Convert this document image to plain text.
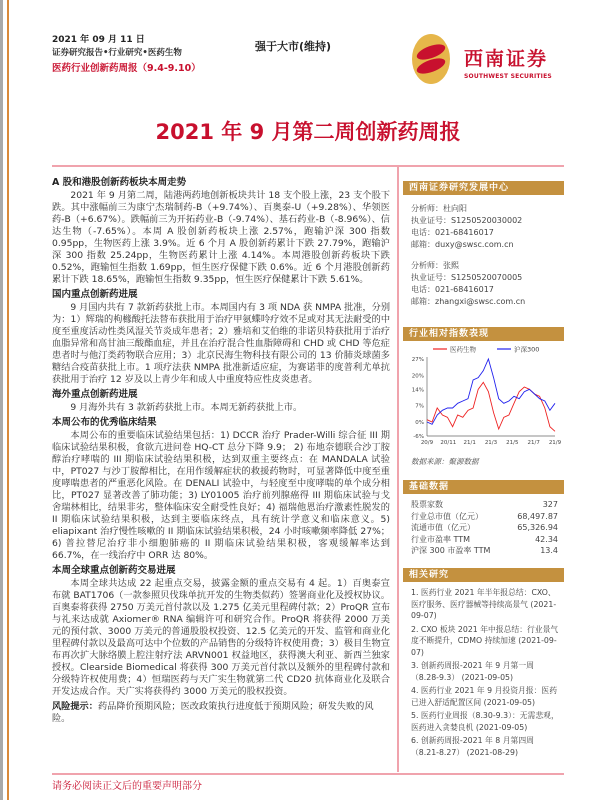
2021 年 09 月 11 日
证券研究报告•行业研究•医药生物
医药行业创新药周报（9.4-9.10）
强于大市(维持)
西南证券
SOUTHWEST SECURITIES
2021 年 9 月第二周创新药周报
A 股和港股创新药板块本周走势

2021 年 9 月第二周，陆港两药地创新板块共计 18 支个股上涨，23 支个股下跌。其中涨幅前三为康宁杰瑞制药-B（+9.74%）、百奥泰-U（+9.28%）、华领医药-B（+6.67%）。跌幅前三为开拓药业-B（-9.74%）、基石药业-B（-8.96%）、信达生物（-7.65%）。本周 A 股创新药板块上涨 2.57%，跑输沪深 300 指数 0.95pp，生物医药上涨 3.9%。近 6 个月 A 股创新药累计下跌 27.79%，跑输沪深 300 指数 25.24pp，生物医药累计上涨 4.14%。本周港股创新药板块下跌 0.52%，跑输恒生指数 1.69pp，恒生医疗保健下跌 0.6%。近 6 个月港股创新药累计下跌 18.65%，跑输恒生指数 9.35pp，恒生医疗保健累计下跌 5.61%。

国内重点创新药进展

9 月国内共有 7 款新药获批上市。本周国内有 3 项 NDA 获 NMPA 批准，分别为：1）辉瑞的枸橼酸托法替布获批用于治疗甲氨蝶呤疗效不足或对其无法耐受的中度至重度活动性类风湿关节炎成年患者；2）雅培和艾伯维的非诺贝特获批用于治疗血脂异常和高甘油三酸酯血症，并且在治疗混合性血脂障碍和 CHD 或 CHD 等危症患者时与他汀类药物联合应用；3）北京民海生物科技有限公司的 13 价肺炎球菌多糖结合疫苗获批上市。1 项疗法获 NMPA 批准新适应症，为赛诺菲的度普利尤单抗获批用于治疗 12 岁及以上青少年和成人中重度特应性皮炎患者。

海外重点创新药进展

9 月海外共有 3 款新药获批上市。本周无新药获批上市。

本周公布的优秀临床结果

本周公布的重要临床试验结果包括：1) DCCR 治疗 Prader-Willi 综合征 III 期临床试验结果积极，食欲亢进问卷 HQ-CT 总分下降 9.9； 2) 布地奈德联合沙丁胺醇治疗哮喘的 III 期临床试验结果积极，达到双重主要终点：在 MANDALA 试验中，PT027 与沙丁胺醇相比，在用作缓解症状的救援药物时，可显著降低中度至重度哮喘患者的严重恶化风险。在 DENALI 试验中，与轻度至中度哮喘的单个成分相比，PT027 显著改善了肺功能；3) LY01005 治疗前列腺癌得 III 期临床试验与戈舍瑞林相比，结果非劣，整体临床安全耐受性良好；4) 福瑞他恩治疗激素性脱发的 II 期临床试验结果积极，达到主要临床终点，具有统计学意义和临床意义。5) eliapixant 治疗慢性咳嗽的 II 期临床试验结果积极，24 小时咳嗽频率降低 27%；6) 普拉替尼治疗非小细胞肺癌的 II 期临床试验结果积极，客观缓解率达到 66.7%，在一线治疗中 ORR 达 80%。

本周全球重点创新药交易进展

本周全球共达成 22 起重点交易，披露金额的重点交易有 4 起。1）百奥泰宣布就 BAT1706（一款参照贝伐珠单抗开发的生物类似药）签署商业化及授权协议。百奥泰将获得 2750 万美元首付款以及 1.275 亿美元里程碑付款；2）ProQR 宣布与礼来达成就 Axiomer® RNA 编辑许可和研究合作。ProQR 将获得 2000 万美元的预付款、3000 万美元的普通股股权投资、12.5 亿美元的开发、监管和商业化里程碑付款以及最高可达中个位数的产品销售的分级特许权使用费；3）极目生物宣布再次扩大脉络膜上腔注射疗法 ARVN001 权益地区，获得澳大利亚、新西兰独家授权。Clearside Biomedical 将获得 300 万美元首付款以及额外的里程碑付款和分级特许权使用费；4）恒瑞医药与天广实生物就第二代 CD20 抗体商业化及联合开发达成合作。天广实将获得约 3000 万美元的股权投资。

风险提示：药品降价预期风险；医改政策执行进度低于预期风险；研发失败的风险。
请务必阅读正文后的重要声明部分
西南证券研究发展中心
分析师：杜向阳
执业证号：S1250520030002
电话：021-68416017
邮箱：duxy@swsc.com.cn
分析师：张熙
执业证号：S1250520070005
电话：021-68416017
邮箱：zhangxi@swsc.com.cn
行业相对指数表现
医药生物	沪深300
-6%
0%
7%
14%
20%
27%
20/9 20/11 21/1 21/3 21/5 21/7 21/9
数据来源：聚源数据
基础数据
股票家数	327
行业总市值（亿元）	68,497.87
流通市值（亿元）	65,326.94
行业市盈率 TTM	42.34
沪深 300 市盈率 TTM	13.4
相关研究
1. 医药行业 2021 年半年报总结：CXO、医疗服务、医疗器械等持续高景气 (2021-09-07)
2. CXO 板块 2021 年中报总结：行业景气度不断提升，CDMO 持续加速 (2021-09-07)
3. 创新药周报-2021 年 9 月第一周 （8.28-9.3） (2021-09-05)
4. 医药行业 2021 年 9 月投资月报：医药已进入舒适配置区间 (2021-09-05)
5. 医药行业周报（8.30-9.3）：无需悲观，医药进入贪婪良机 (2021-09-05)
6. 创新药周报-2021 年 8 月第四周 （8.21-8.27） (2021-08-29)
